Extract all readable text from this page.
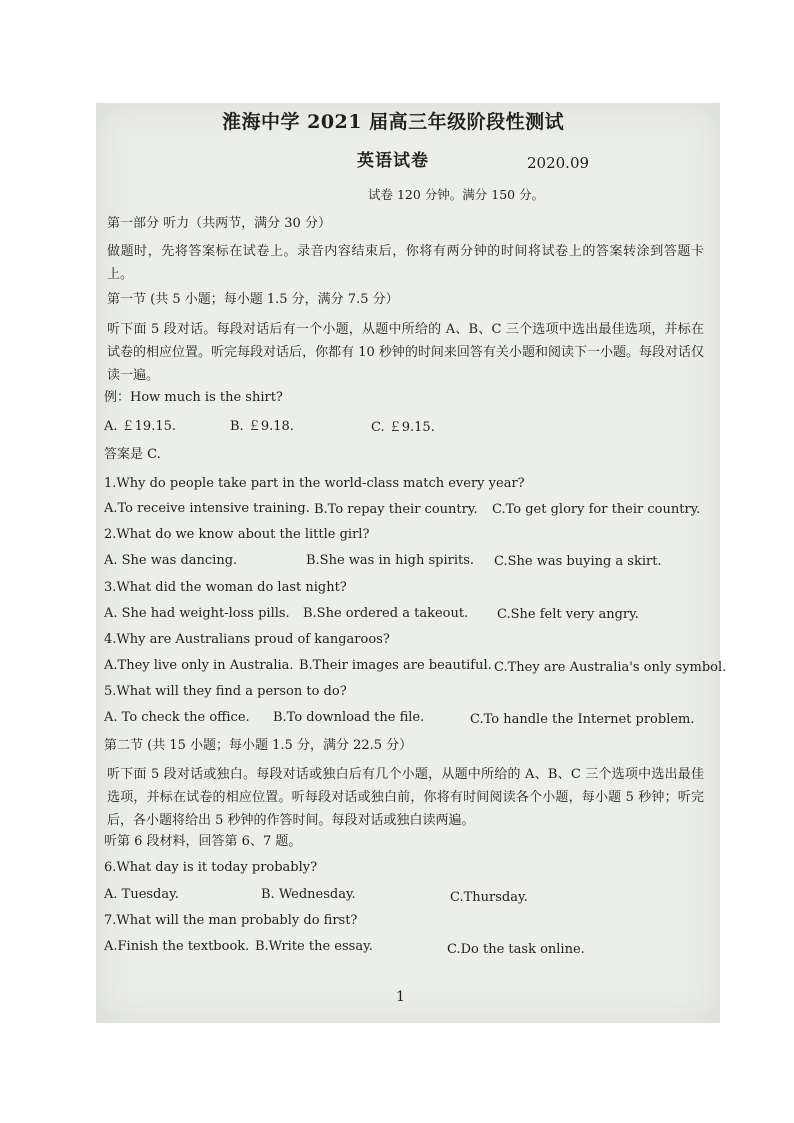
淮海中学 2021 届高三年级阶段性测试
英语试卷	2020.09
试卷 120 分钟。满分 150 分。
第一部分 听力（共两节，满分 30 分）
做题时，先将答案标在试卷上。录音内容结束后，你将有两分钟的时间将试卷上的答案转涂到答题卡上。
第一节 (共 5 小题；每小题 1.5 分，满分 7.5 分）
听下面 5 段对话。每段对话后有一个小题，从题中所给的 A、B、C 三个选项中选出最佳选项，并标在试卷的相应位置。听完每段对话后，你都有 10 秒钟的时间来回答有关小题和阅读下一小题。每段对话仅读一遍。
例：How much is the shirt?
A. ￡19.15.	B. ￡9.18.	C. ￡9.15.
答案是 C.
1.Why do people take part in the world-class match every year?
A.To receive intensive training. B.To repay their country. C.To get glory for their country.
2.What do we know about the little girl?
A. She was dancing.	B.She was in high spirits. C.She was buying a skirt.
3.What did the woman do last night?
A. She had weight-loss pills. B.She ordered a takeout. C.She felt very angry.
4.Why are Australians proud of kangaroos?
A.They live only in Australia. B.Their images are beautiful. C.They are Australia's only symbol.
5.What will they find a person to do?
A. To check the office. B.To download the file.	C.To handle the Internet problem.
第二节 (共 15 小题；每小题 1.5 分，满分 22.5 分）
听下面 5 段对话或独白。每段对话或独白后有几个小题，从题中所给的 A、B、C 三个选项中选出最佳选项，并标在试卷的相应位置。听每段对话或独白前，你将有时间阅读各个小题，每小题 5 秒钟；听完后，各小题将给出 5 秒钟的作答时间。每段对话或独白读两遍。
听第 6 段材料，回答第 6、7 题。
6.What day is it today probably?
A. Tuesday.	B. Wednesday.	C.Thursday.
7.What will the man probably do first?
A.Finish the textbook. B.Write the essay.	C.Do the task online.
1
